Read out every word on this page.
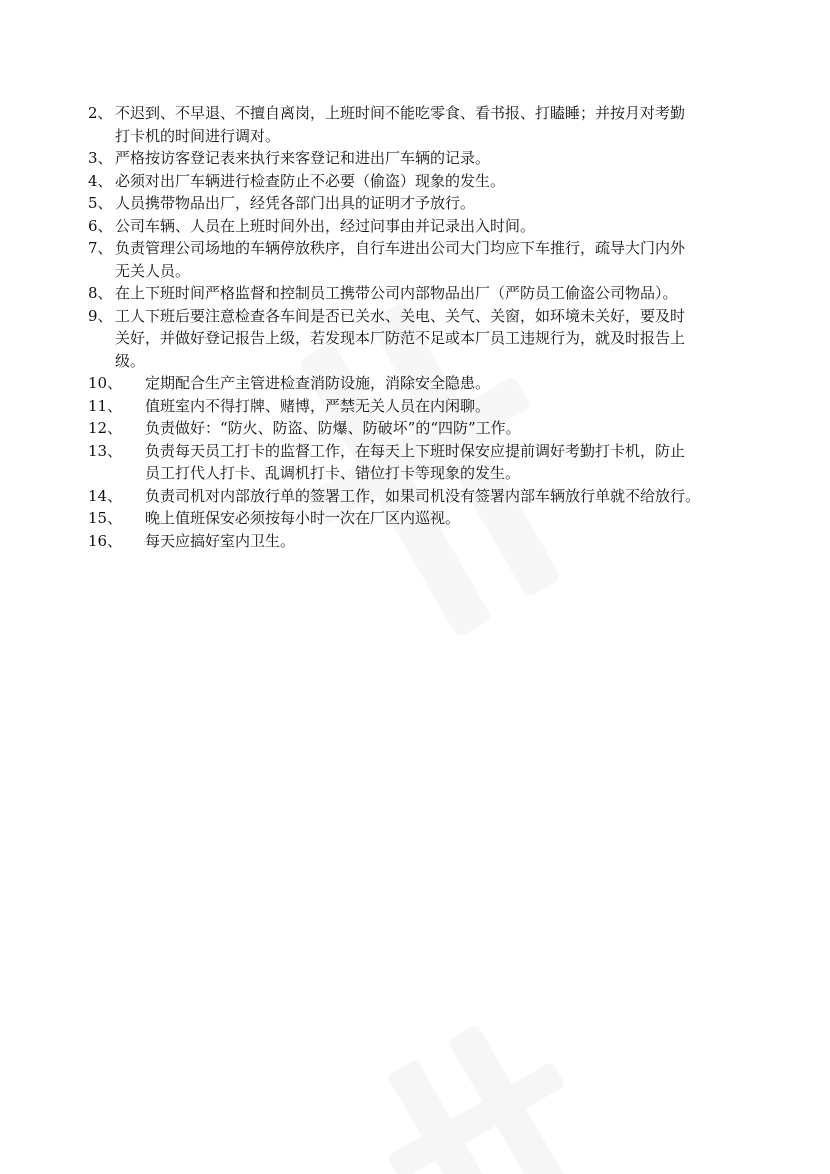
2、 不迟到、不早退、不擅自离岗，上班时间不能吃零食、看书报、打瞌睡；并按月对考勤
打卡机的时间进行调对。
3、 严格按访客登记表来执行来客登记和进出厂车辆的记录。
4、 必须对出厂车辆进行检查防止不必要（偷盗）现象的发生。
5、 人员携带物品出厂，经凭各部门出具的证明才予放行。
6、 公司车辆、人员在上班时间外出，经过问事由并记录出入时间。
7、 负责管理公司场地的车辆停放秩序，自行车进出公司大门均应下车推行，疏导大门内外
无关人员。
8、 在上下班时间严格监督和控制员工携带公司内部物品出厂（严防员工偷盗公司物品）。
9、 工人下班后要注意检查各车间是否已关水、关电、关气、关窗，如环境未关好，要及时
关好，并做好登记报告上级，若发现本厂防范不足或本厂员工违规行为，就及时报告上
级。
10、	定期配合生产主管进检查消防设施，消除安全隐患。
11、	值班室内不得打牌、赌博，严禁无关人员在内闲聊。
12、	负责做好：“防火、防盗、防爆、防破坏”的“四防”工作。
13、	负责每天员工打卡的监督工作，在每天上下班时保安应提前调好考勤打卡机，防止
员工打代人打卡、乱调机打卡、错位打卡等现象的发生。
14、	负责司机对内部放行单的签署工作，如果司机没有签署内部车辆放行单就不给放行。
15、	晚上值班保安必须按每小时一次在厂区内巡视。
16、	每天应搞好室内卫生。
